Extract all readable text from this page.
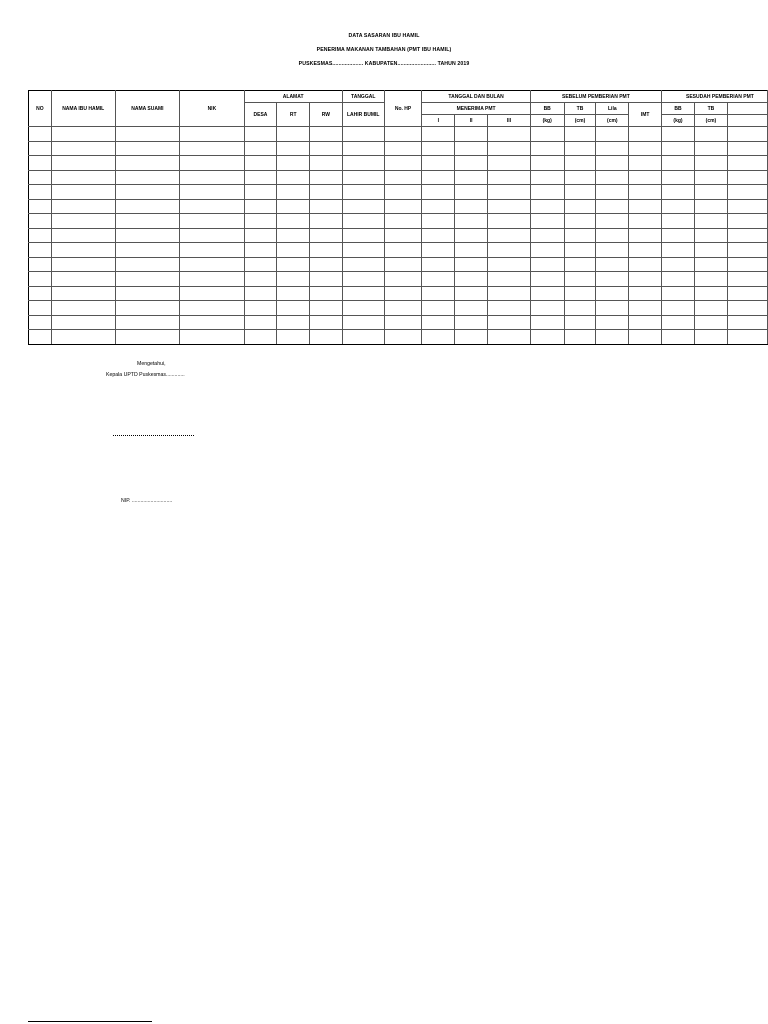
DATA SASARAN IBU HAMIL
PENERIMA MAKANAN TAMBAHAN (PMT IBU HAMIL)
PUSKESMAS.................... KABUPATEN......................... TAHUN 2019
NO	NAMA IBU HAMIL	NAMA SUAMI	NIK	ALAMAT			TANGGAL	No. HP	TANGGAL DAN BULAN			SEBELUM PEMBERIAN PMT				SESUDAH PEMBERIAN PMT		
				DESA	RT	RW	LAHIR BUMIL		MENERIMA PMT			BB	TB	Lila	IMT	BB	TB	
									I	II	III	(kg)	(cm)	(cm)		(kg)	(cm)	

Mengetahui,
Kepala UPTD Puskesmas.............
NIP. ............................
